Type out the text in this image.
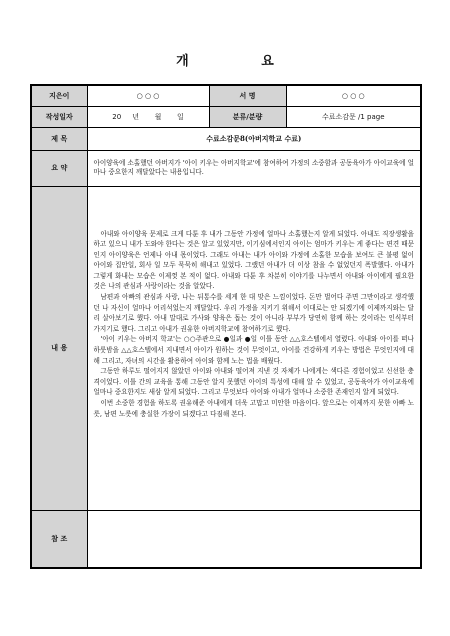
개 요
지은이	○ ○ ○	서 명	○ ○ ○
작성일자	20 년 월 일	분류/분량	수료소감문 /1 page
제 목	수료소감문8(아버지학교 수료)		
요 약	아이양육에 소홀했던 아버지가 '아이 키우는 아버지학교'에 참여하여 가정의 소중함과 공동육아가 아이교육에 얼마나 중요한지 깨달았다는 내용입니다.		
내 용	아내와 아이양육 문제로 크게 다툰 후 내가 그동안 가정에 얼마나 소홀했는지 알게 되었다. 아내도 직장생활을 하고 있으니 내가 도와야 한다는 것은 알고 있었지만, 이기심에서인지 아이는 엄마가 키우는 게 좋다는 편견 때문인지 아이양육은 언제나 아내 몫이었다. 그래도 아내는 내가 아이와 가정에 소홀한 모습을 보여도 큰 불평 없이 아이와 집안일, 회사 일 모두 묵묵히 해내고 있었다. 그랬던 아내가 더 이상 참을 수 없었던지 폭발했다. 아내가 그렇게 화내는 모습은 이제껏 본 적이 없다. 아내와 다툰 후 차분히 이야기를 나누면서 아내와 아이에게 필요한 것은 나의 관심과 사랑이라는 것을 알았다.

남편과 아빠의 관심과 사랑, 나는 뒤통수를 세게 한 대 맞은 느낌이었다. 돈만 벌어다 주면 그만이라고 생각했던 나 자신이 얼마나 어리석었는지 깨달았다. 우리 가정을 지키기 위해서 이대로는 안 되겠기에 이제까지와는 달리 살아보기로 했다. 아내 말대로 가사와 양육은 돕는 것이 아니라 부부가 당연히 함께 하는 것이라는 인식부터 가지기로 했다. 그리고 아내가 권유한 아버지학교에 참여하기로 했다.

'아이 키우는 아버지 학교'는 ○○주관으로 ●일과 ●일 이틀 동안 △△호스텔에서 열렸다. 아내와 아이를 떠나 하룻밤을 △△호스텔에서 지내면서 아이가 원하는 것이 무엇이고, 아이를 건강하게 키우는 방법은 무엇인지에 대해 그리고, 자녀의 시간을 활용하여 아이와 함께 노는 법을 배웠다.

그동안 하루도 떨어지지 않았던 아이와 아내와 떨어져 지낸 것 자체가 나에게는 색다른 경험이었고 신선한 충격이었다. 이틀 간의 교육을 통해 그동안 알지 못했던 아이의 특성에 대해 알 수 있었고, 공동육아가 아이교육에 얼마나 중요한지도 새삼 알게 되었다. 그리고 무엇보다 아이와 아내가 얼마나 소중한 존재인지 알게 되었다.

이번 소중한 경험을 하도록 권유해준 아내에게 더욱 고맙고 미안한 마음이다. 앞으로는 이제까지 못한 아빠 노릇, 남편 노릇에 충실한 가장이 되겠다고 다짐해 본다.		

참 조			
